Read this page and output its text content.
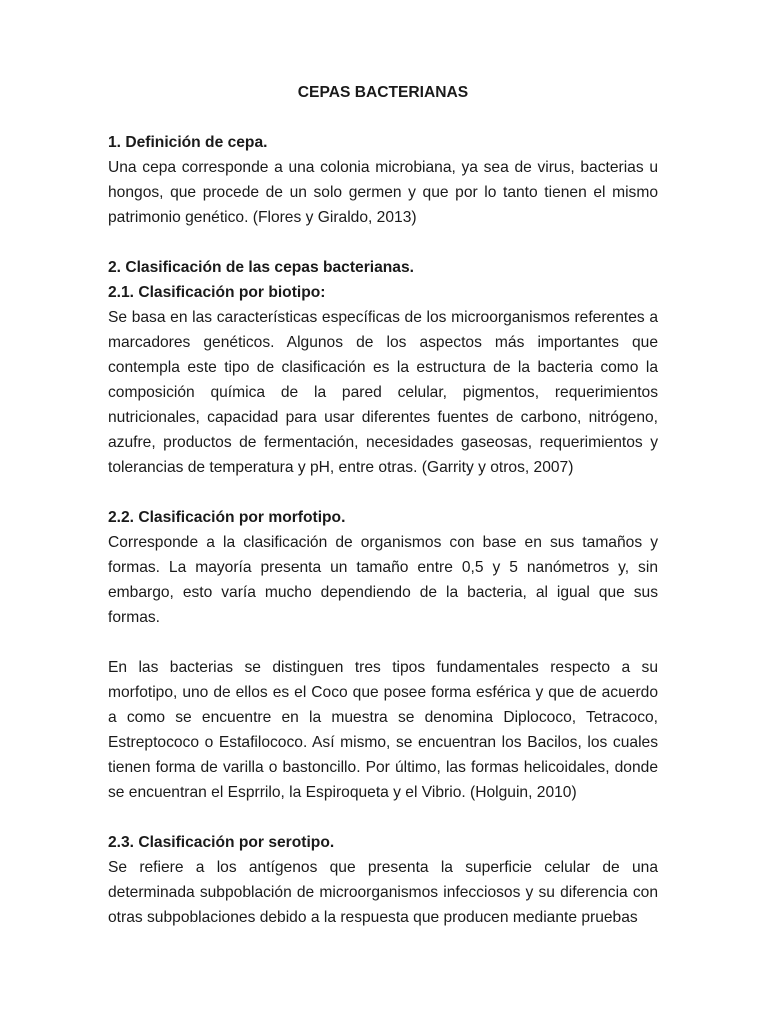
CEPAS BACTERIANAS

1. Definición de cepa.

Una cepa corresponde a una colonia microbiana, ya sea de virus, bacterias u hongos, que procede de un solo germen y que por lo tanto tienen el mismo patrimonio genético. (Flores y Giraldo, 2013)

2. Clasificación de las cepas bacterianas.

2.1. Clasificación por biotipo:

Se basa en las características específicas de los microorganismos referentes a marcadores genéticos. Algunos de los aspectos más importantes que contempla este tipo de clasificación es la estructura de la bacteria como la composición química de la pared celular, pigmentos, requerimientos nutricionales, capacidad para usar diferentes fuentes de carbono, nitrógeno, azufre, productos de fermentación, necesidades gaseosas, requerimientos y tolerancias de temperatura y pH, entre otras. (Garrity y otros, 2007)

2.2. Clasificación por morfotipo.

Corresponde a la clasificación de organismos con base en sus tamaños y formas. La mayoría presenta un tamaño entre 0,5 y 5 nanómetros y, sin embargo, esto varía mucho dependiendo de la bacteria, al igual que sus formas.

En las bacterias se distinguen tres tipos fundamentales respecto a su morfotipo, uno de ellos es el Coco que posee forma esférica y que de acuerdo a como se encuentre en la muestra se denomina Diplococo, Tetracoco, Estreptococo o Estafilococo. Así mismo, se encuentran los Bacilos, los cuales tienen forma de varilla o bastoncillo. Por último, las formas helicoidales, donde se encuentran el Esprrilo, la Espiroqueta y el Vibrio. (Holguin, 2010)

2.3. Clasificación por serotipo.

Se refiere a los antígenos que presenta la superficie celular de una determinada subpoblación de microorganismos infecciosos y su diferencia con otras subpoblaciones debido a la respuesta que producen mediante pruebas
